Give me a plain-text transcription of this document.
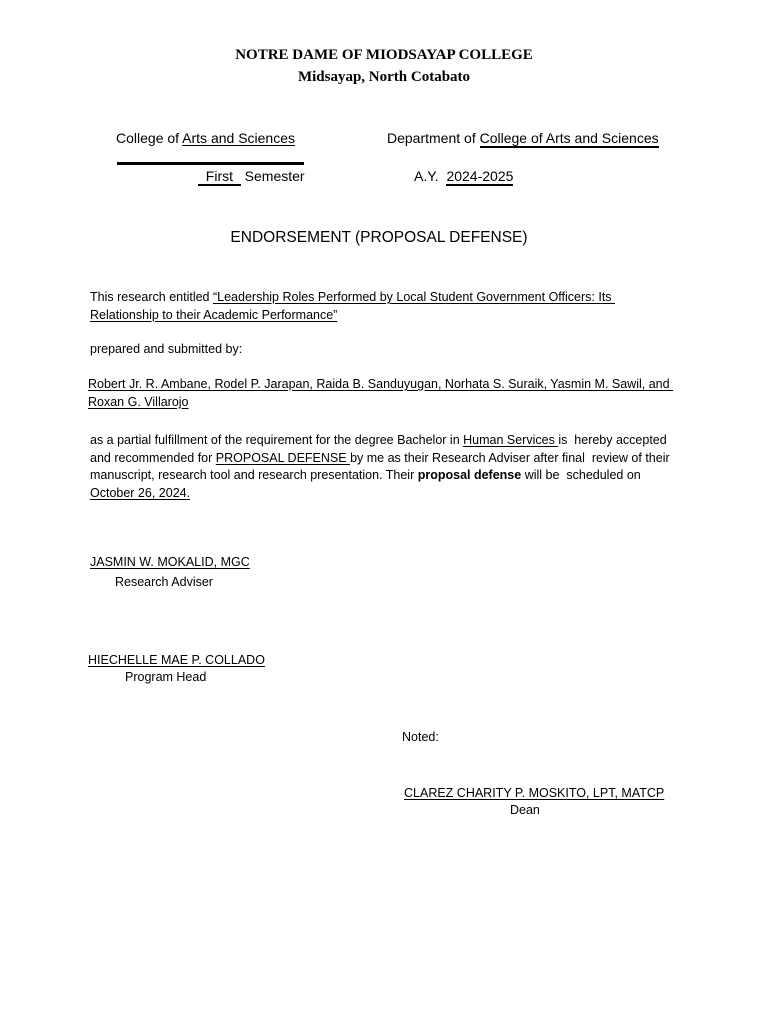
NOTRE DAME OF MIODSAYAP COLLEGE
Midsayap, North Cotabato
College of Arts and Sciences	Department of College of Arts and Sciences
First   Semester	A.Y.  2024-2025
ENDORSEMENT (PROPOSAL DEFENSE)
This research entitled “Leadership Roles Performed by Local Student Government Officers: Its
Relationship to their Academic Performance”
prepared and submitted by:
Robert Jr. R. Ambane, Rodel P. Jarapan, Raida B. Sanduyugan, Norhata S. Suraik, Yasmin M. Sawil, and
Roxan G. Villarojo
as a partial fulfillment of the requirement for the degree Bachelor in Human Services is  hereby accepted
and recommended for PROPOSAL DEFENSE by me as their Research Adviser after final  review of their
manuscript, research tool and research presentation. Their proposal defense will be  scheduled on
October 26, 2024.
JASMIN W. MOKALID, MGC
Research Adviser
HIECHELLE MAE P. COLLADO
Program Head
Noted:
CLAREZ CHARITY P. MOSKITO, LPT, MATCP
Dean
